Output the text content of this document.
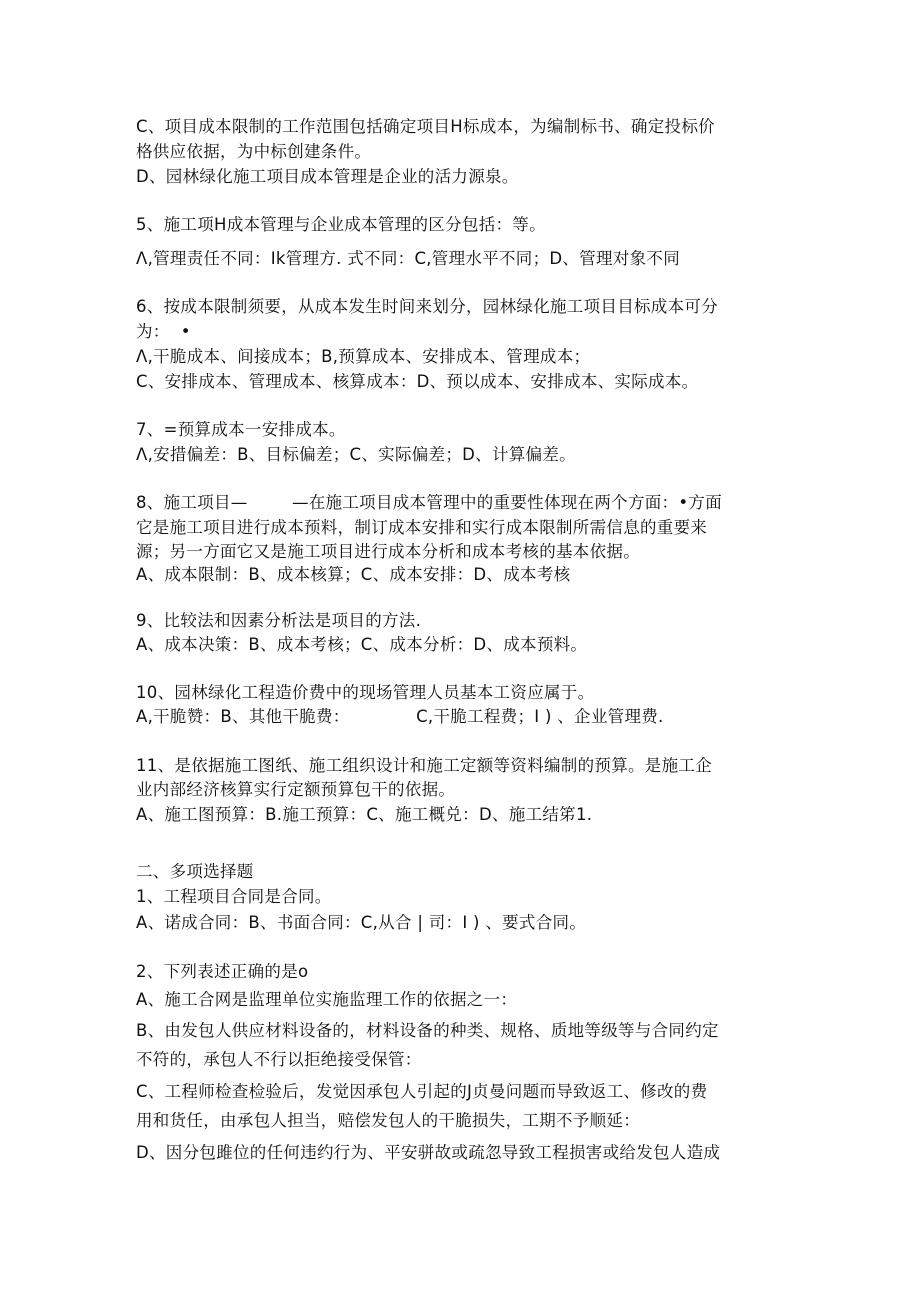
C、项目成本限制的工作范围包括确定项目H标成本，为编制标书、确定投标价
格供应依据，为中标创建条件。
D、园林绿化施工项目成本管理是企业的活力源泉。
5、施工项H成本管理与企业成本管理的区分包括：等。
Λ,管理责任不同：Ik管理方. 式不同：C,管理水平不同；D、管理对象不同
6、按成本限制须要，从成本发生时间来划分，园林绿化施工项目目标成本可分
为：  •
Λ,干脆成本、间接成本；B,预算成本、安排成本、管理成本；
C、安排成本、管理成本、核算成本：D、预以成本、安排成本、实际成本。
7、=预算成本一安排成本。
Λ,安措偏差：B、目标偏差；C、实际偏差；D、计算偏差。
8、施工项目—        —在施工项目成本管理中的重要性体现在两个方面：•方面
它是施工项目进行成本预料，制订成本安排和实行成本限制所需信息的重要来
源；另一方面它又是施工项目进行成本分析和成本考核的基本依据。
A、成本限制：B、成本核算；C、成本安排：D、成本考核
9、比较法和因素分析法是项目的方法.
A、成本决策：B、成本考核；C、成本分析：D、成本预料。
10、园林绿化工程造价费中的现场管理人员基本工资应属于。
A,干脆赞：B、其他干脆费：            C,干脆工程费；I ) 、企业管理费.
11、是依据施工图纸、施工组织设计和施工定额等资料编制的预算。是施工企
业内部经济核算实行定额预算包干的依据。
A、施工图预算：B.施工预算：C、施工概兑：D、施工结笫1.
二、多项选择题
1、工程项目合同是合同。
A、诺成合同：B、书面合同：C,从合 | 司：I ) 、要式合同。
2、下列表述正确的是o
A、施工合网是监理单位实施监理工作的依据之一：
B、由发包人供应材料设备的，材料设备的种类、规格、质地等级等与合同约定
不符的，承包人不行以拒绝接受保管：
C、工程师检查检验后，发觉因承包人引起的J贞曼问题而导致返工、修改的费
用和货任，由承包人担当，赔偿发包人的干脆损失，工期不予顺延：
D、因分包雎位的任何违约行为、平安骈故或疏忽导致工程损害或给发包人造成
